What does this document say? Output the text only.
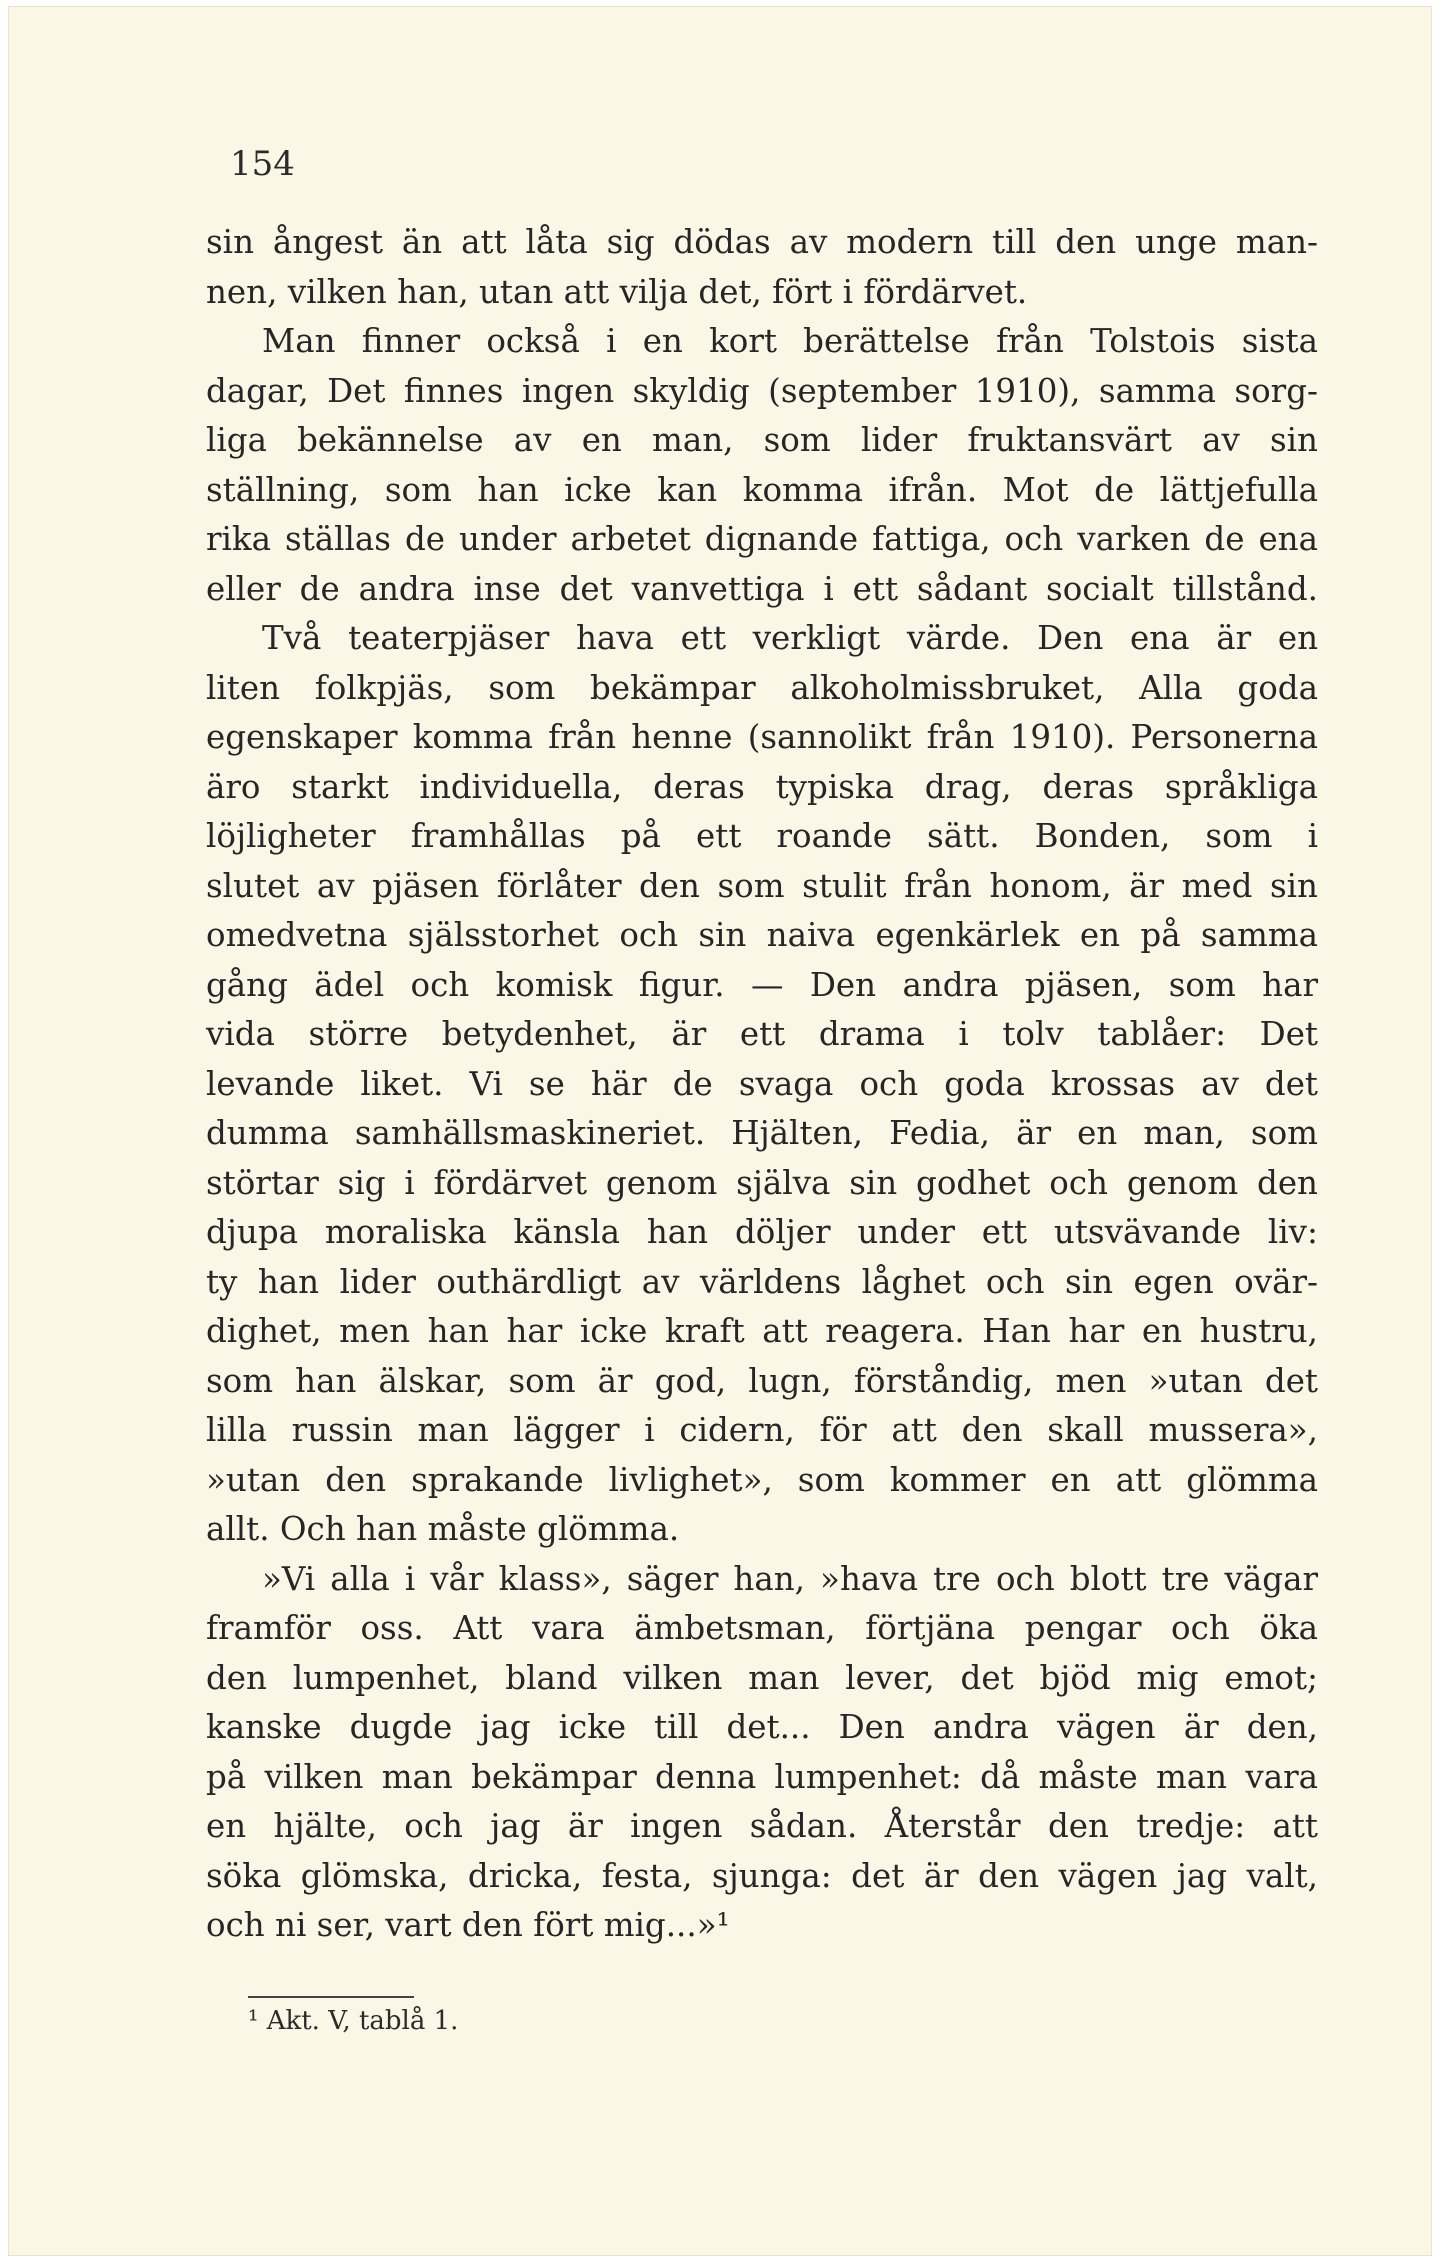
154
sin ångest än att låta sig dödas av modern till den unge man-
nen, vilken han, utan att vilja det, fört i fördärvet.
Man finner också i en kort berättelse från Tolstois sista
dagar, Det finnes ingen skyldig (september 1910), samma sorg-
liga bekännelse av en man, som lider fruktansvärt av sin
ställning, som han icke kan komma ifrån. Mot de lättjefulla
rika ställas de under arbetet dignande fattiga, och varken de ena
eller de andra inse det vanvettiga i ett sådant socialt tillstånd.
Två teaterpjäser hava ett verkligt värde. Den ena är en
liten folkpjäs, som bekämpar alkoholmissbruket, Alla goda
egenskaper komma från henne (sannolikt från 1910). Personerna
äro starkt individuella, deras typiska drag, deras språkliga
löjligheter framhållas på ett roande sätt. Bonden, som i
slutet av pjäsen förlåter den som stulit från honom, är med sin
omedvetna själsstorhet och sin naiva egenkärlek en på samma
gång ädel och komisk figur. — Den andra pjäsen, som har
vida större betydenhet, är ett drama i tolv tablåer: Det
levande liket. Vi se här de svaga och goda krossas av det
dumma samhällsmaskineriet. Hjälten, Fedia, är en man, som
störtar sig i fördärvet genom själva sin godhet och genom den
djupa moraliska känsla han döljer under ett utsvävande liv:
ty han lider outhärdligt av världens låghet och sin egen ovär-
dighet, men han har icke kraft att reagera. Han har en hustru,
som han älskar, som är god, lugn, förståndig, men »utan det
lilla russin man lägger i cidern, för att den skall mussera»,
»utan den sprakande livlighet», som kommer en att glömma
allt. Och han måste glömma.
»Vi alla i vår klass», säger han, »hava tre och blott tre vägar
framför oss. Att vara ämbetsman, förtjäna pengar och öka
den lumpenhet, bland vilken man lever, det bjöd mig emot;
kanske dugde jag icke till det... Den andra vägen är den,
på vilken man bekämpar denna lumpenhet: då måste man vara
en hjälte, och jag är ingen sådan. Återstår den tredje: att
söka glömska, dricka, festa, sjunga: det är den vägen jag valt,
och ni ser, vart den fört mig...»¹
¹ Akt. V, tablå 1.
